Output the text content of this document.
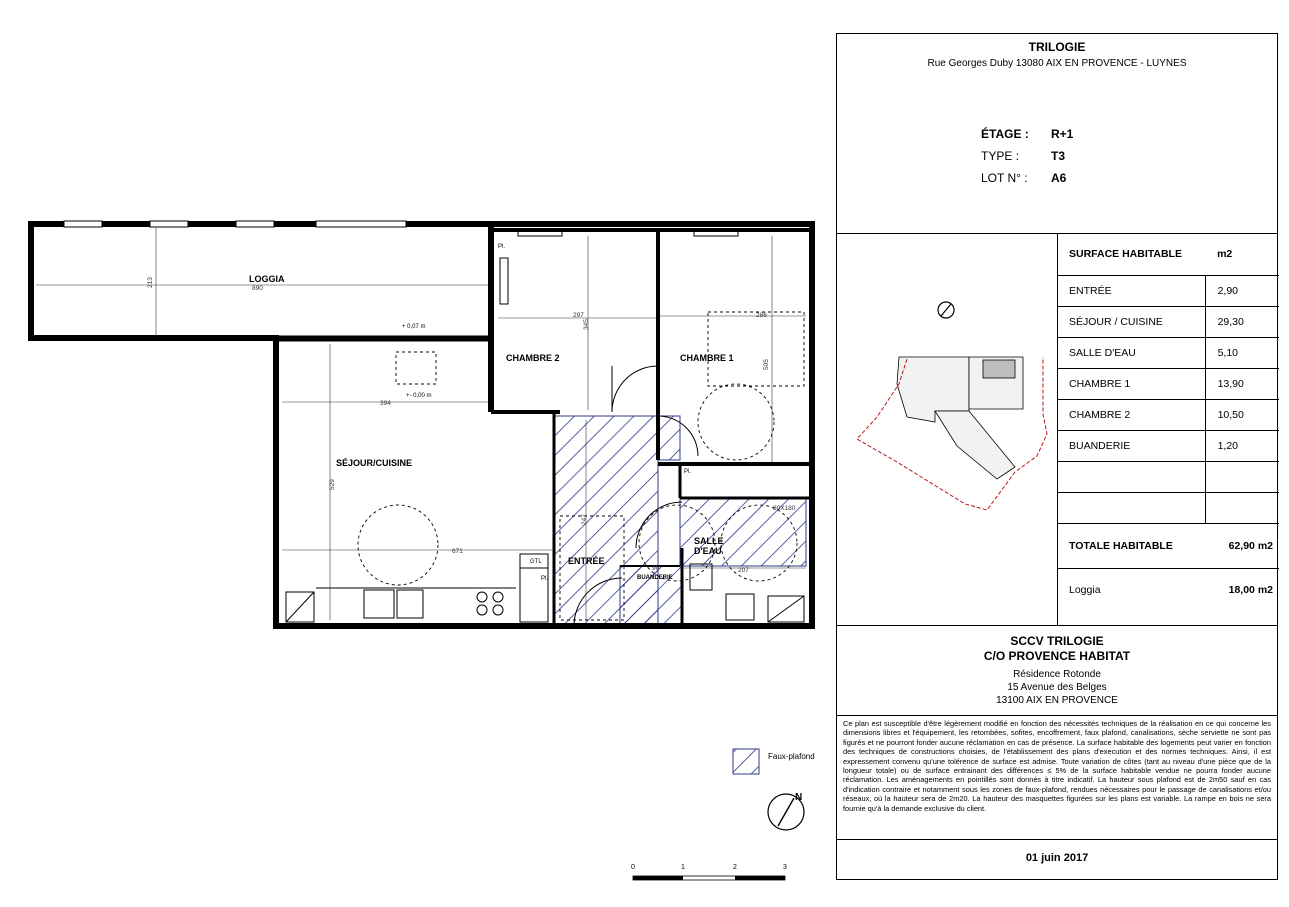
LOGGIA
CHAMBRE 2	CHAMBRE 1
SÉJOUR/CUISINE
ENTRÉE
SALLE
D'EAU
BUANDERIE
890
213
297
345
286
505
394
529
671
247
207
90
80X180
GTL
Pl.
Pl.
Pl.
+ 0,07 m
+- 0,00 m
Faux-plafond
N
0	1	2	3
TRILOGIE
Rue Georges Duby 13080 AIX EN PROVENCE - LUYNES
ÉTAGE : R+1
TYPE :	T3
LOT N° : A6
SURFACE HABITABLE	m2
ENTRÉE	2,90
SÉJOUR / CUISINE	29,30
SALLE D'EAU	5,10
CHAMBRE 1	13,90
CHAMBRE 2	10,50
BUANDERIE	1,20

TOTALE HABITABLE	62,90 m2
Loggia	18,00 m2
SCCV TRILOGIE
C/O PROVENCE HABITAT
Résidence Rotonde
15 Avenue des Belges
13100 AIX EN PROVENCE
Ce plan est susceptible d'être légèrement modifié en fonction des nécessités techniques de la réalisation en ce qui concerne les dimensions libres et l'équipement, les retombées, sofites, encoffrement, faux plafond, canalisations, sèche serviette ne sont pas figurés et ne pourront fonder aucune réclamation en cas de présence. La surface habitable des logements peut varier en fonction des techniques de constructions choisies, de l'établissement des plans d'execution et des normes techniques. Ainsi, il est expressement convenu qu'une tolérence de surface est admise. Toute variation de côtes (tant au niveau d'une pièce que de la longueur totale) ou de surface entrainant des différences ≤ 5% de la surface habitable vendue ne pourra fonder aucune réclamation. Les aménagements en pointillés sont donnés à titre indicatif. La hauteur sous plafond est de 2m50 sauf en cas d'indication contraire et notamment sous les zones de faux-plafond, rendues nécessaires pour le passage de canalisations et/ou réseaux, où la hauteur sera de 2m20. La hauteur des masquettes figurées sur les plans est variable. La rampe en bois ne sera fournie qu'à la demande exclusive du client.
01 juin 2017
